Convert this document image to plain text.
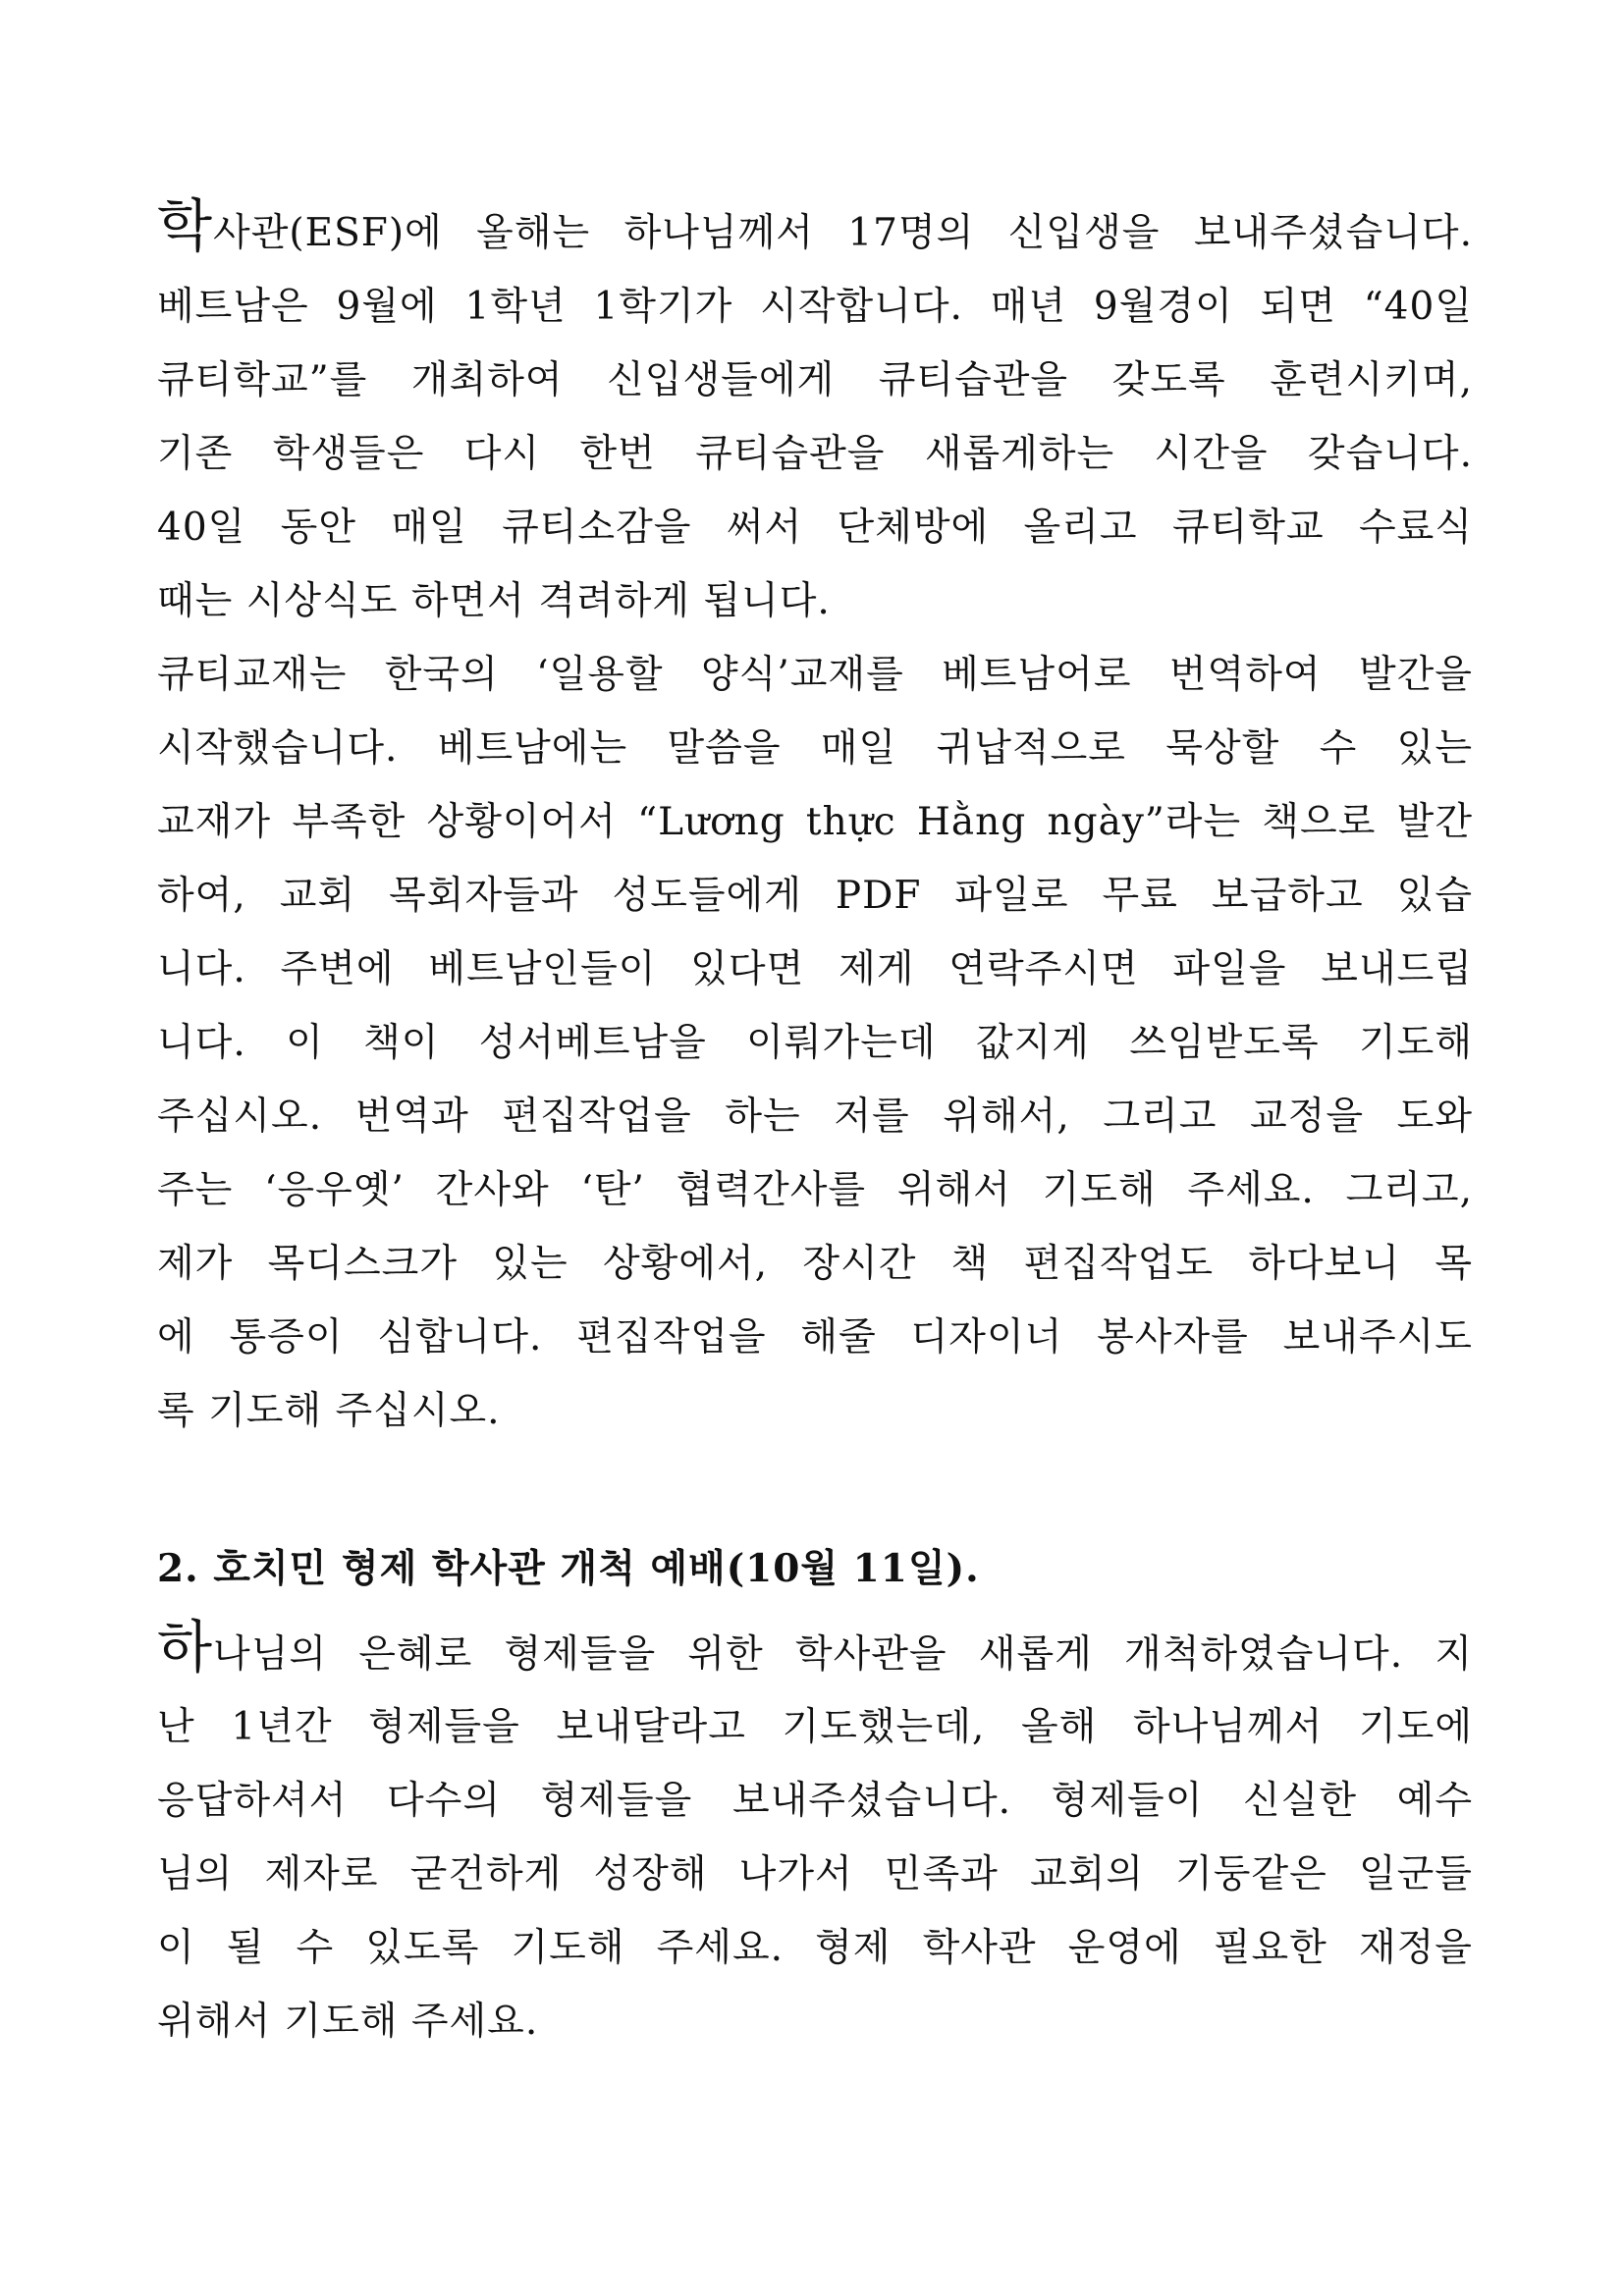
학사관(ESF)에 올해는 하나님께서 17명의 신입생을 보내주셨습니다.
베트남은 9월에 1학년 1학기가 시작합니다. 매년 9월경이 되면 “40일
큐티학교”를 개최하여 신입생들에게 큐티습관을 갖도록 훈련시키며,
기존 학생들은 다시 한번 큐티습관을 새롭게하는 시간을 갖습니다.
40일 동안 매일 큐티소감을 써서 단체방에 올리고 큐티학교 수료식
때는 시상식도 하면서 격려하게 됩니다.
큐티교재는 한국의 ‘일용할 양식’교재를 베트남어로 번역하여 발간을
시작했습니다. 베트남에는 말씀을 매일 귀납적으로 묵상할 수 있는
교재가 부족한 상황이어서 “Lương thực Hằng ngày”라는 책으로 발간
하여, 교회 목회자들과 성도들에게 PDF 파일로 무료 보급하고 있습
니다. 주변에 베트남인들이 있다면 제게 연락주시면 파일을 보내드립
니다. 이 책이 성서베트남을 이뤄가는데 값지게 쓰임받도록 기도해
주십시오. 번역과 편집작업을 하는 저를 위해서, 그리고 교정을 도와
주는 ‘응우옛’ 간사와 ‘탄’ 협력간사를 위해서 기도해 주세요. 그리고,
제가 목디스크가 있는 상황에서, 장시간 책 편집작업도 하다보니 목
에 통증이 심합니다. 편집작업을 해줄 디자이너 봉사자를 보내주시도
록 기도해 주십시오.
2. 호치민 형제 학사관 개척 예배(10월 11일).
하나님의 은혜로 형제들을 위한 학사관을 새롭게 개척하였습니다. 지
난 1년간 형제들을 보내달라고 기도했는데, 올해 하나님께서 기도에
응답하셔서 다수의 형제들을 보내주셨습니다. 형제들이 신실한 예수
님의 제자로 굳건하게 성장해 나가서 민족과 교회의 기둥같은 일군들
이 될 수 있도록 기도해 주세요. 형제 학사관 운영에 필요한 재정을
위해서 기도해 주세요.
